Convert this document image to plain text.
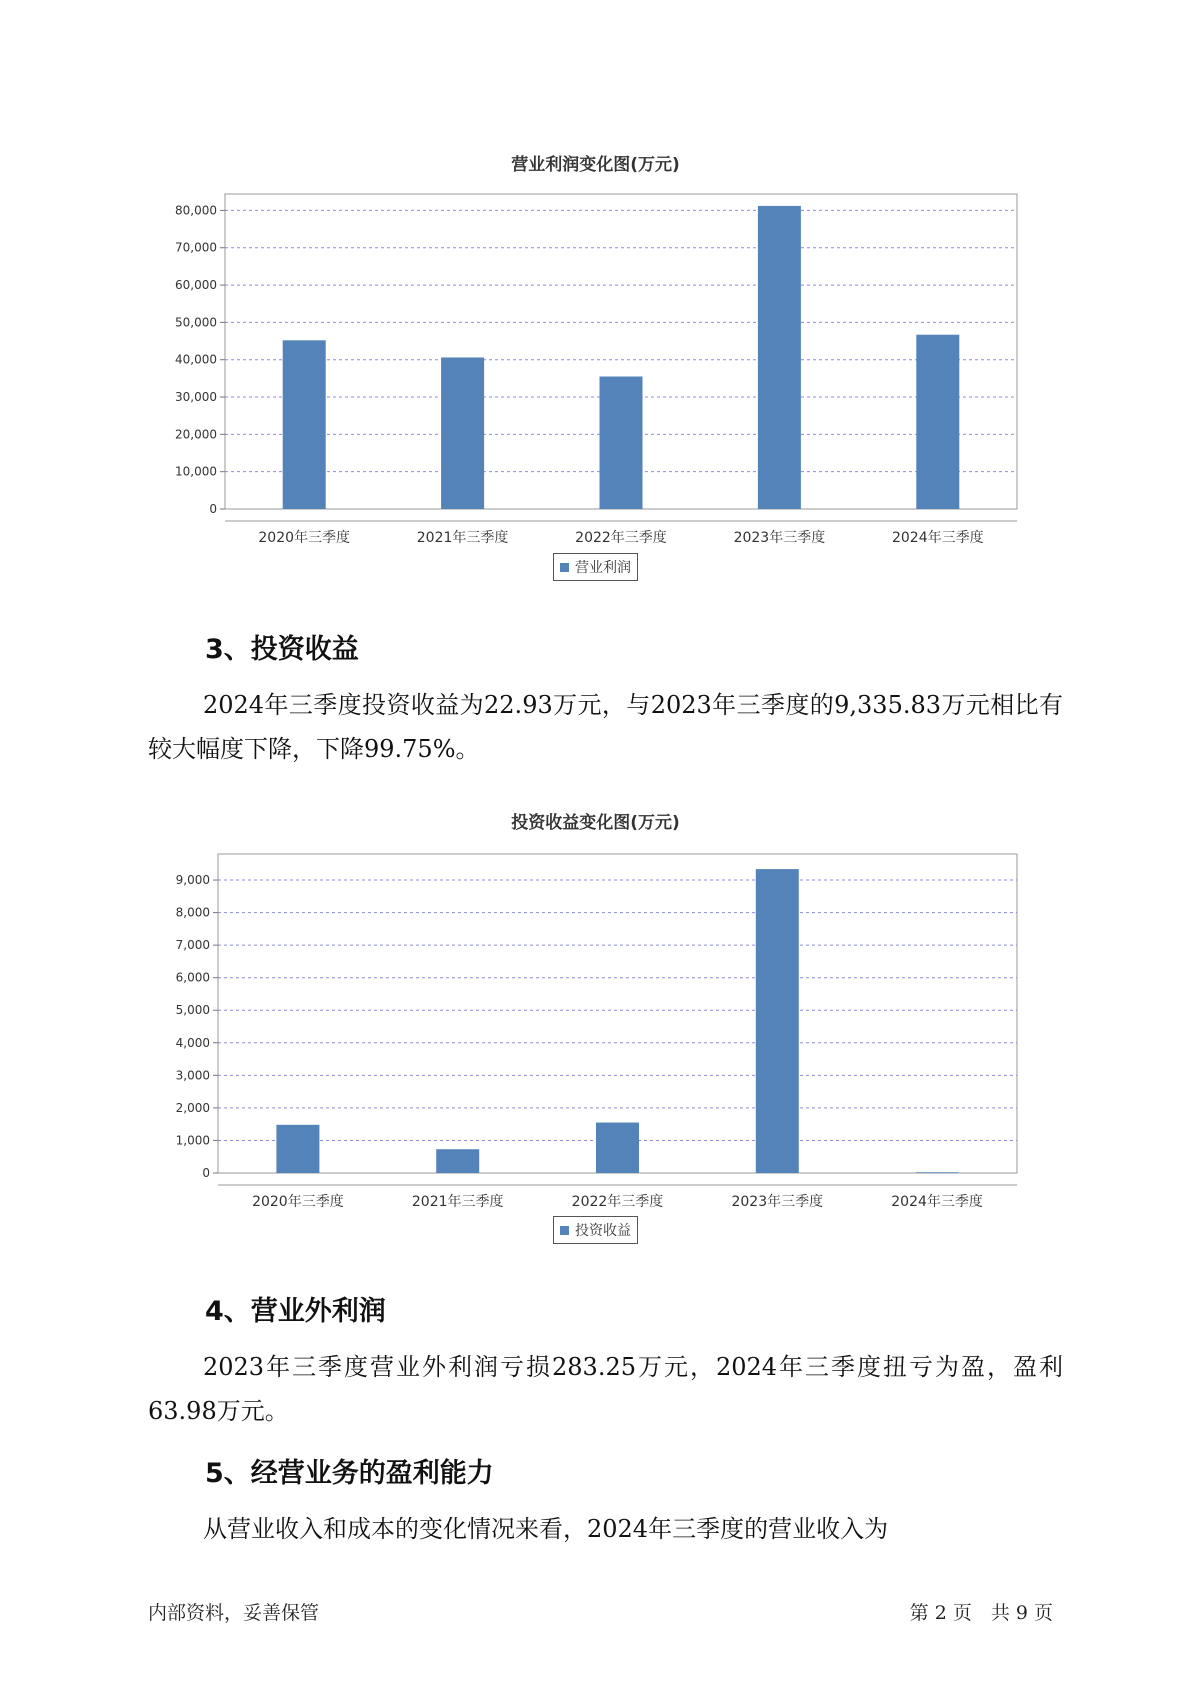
营业利润变化图(万元)
0
10,000
20,000
30,000
40,000
50,000
60,000
70,000
80,000
2020年三季度	2021年三季度	2022年三季度	2023年三季度	2024年三季度
营业利润
3、投资收益
2024年三季度投资收益为22.93万元，与2023年三季度的9,335.83万元相比有较大幅度下降，下降99.75%。
投资收益变化图(万元)
0
1,000
2,000
3,000
4,000
5,000
6,000
7,000
8,000
9,000
2020年三季度	2021年三季度	2022年三季度	2023年三季度	2024年三季度
投资收益
4、营业外利润
2023年三季度营业外利润亏损283.25万元，2024年三季度扭亏为盈，盈利63.98万元。
5、经营业务的盈利能力
从营业收入和成本的变化情况来看，2024年三季度的营业收入为
内部资料，妥善保管	第 2 页　共 9 页
